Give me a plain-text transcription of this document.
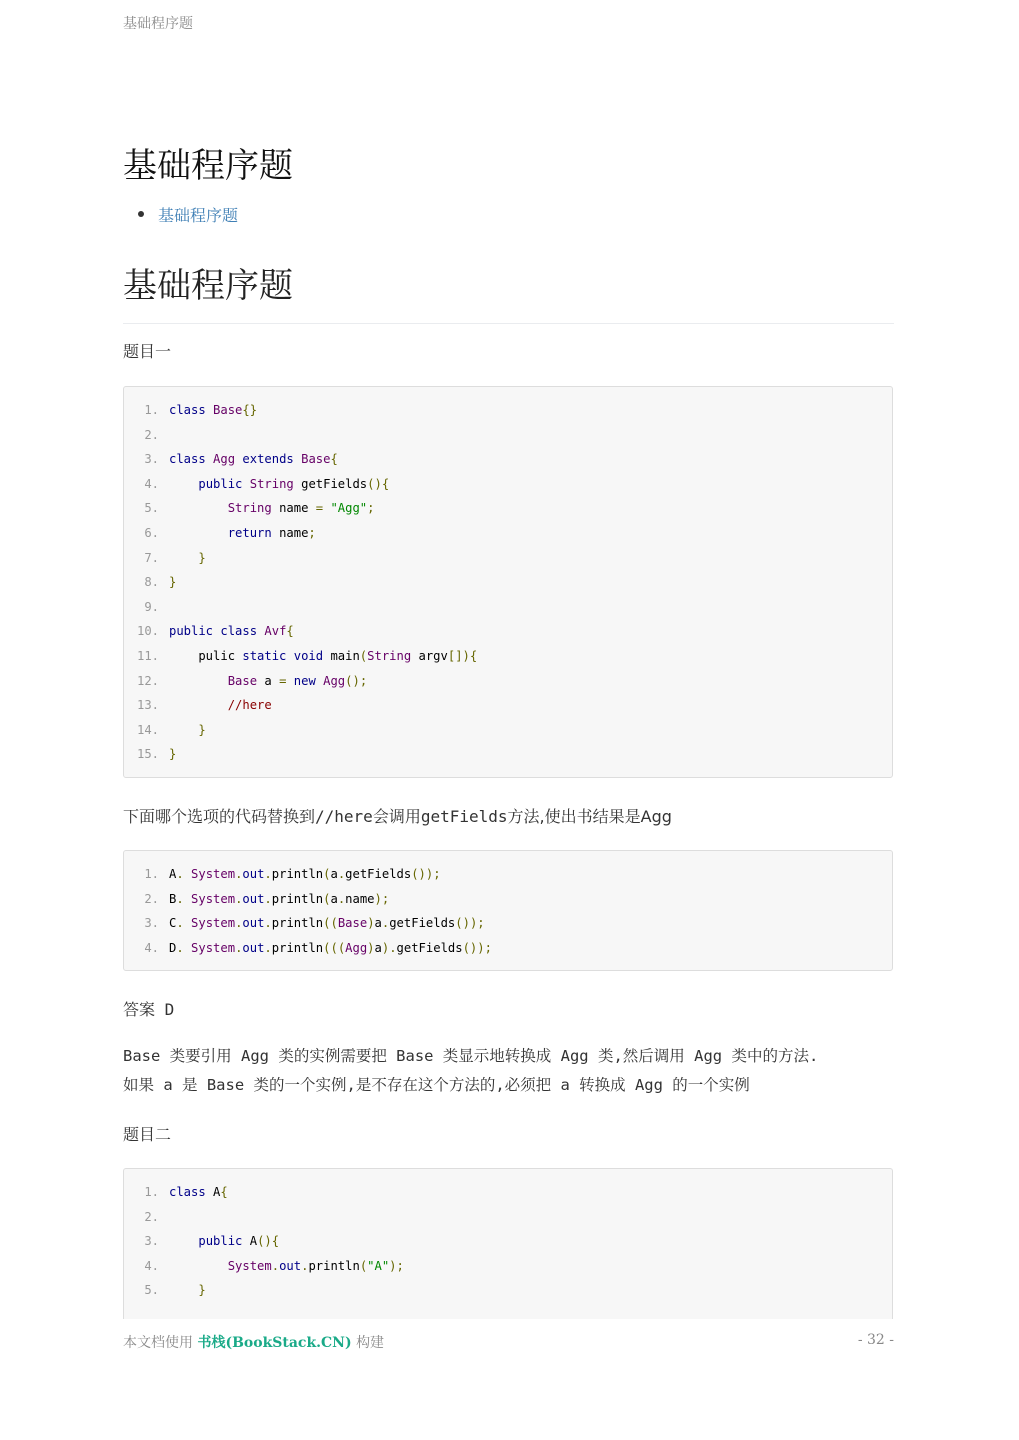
基础程序题
基础程序题
基础程序题
基础程序题

题目一

1. class Base{}
2.
3. class Agg extends Base{
4.	public String getFields(){
5.	String name = "Agg";
6.	return name;
7.	}
8. }
9.
10. public class Avf{
11.    pulic static void main(String argv[]){
12.	Base a = new Agg();
13.	//here
14.	}
15. }

下面哪个选项的代码替换到//here会调用getFields方法,使出书结果是Agg

1. A. System.out.println(a.getFields());
2. B. System.out.println(a.name);
3. C. System.out.println((Base)a.getFields());
4. D. System.out.println(((Agg)a).getFields());

答案 D

Base 类要引用 Agg 类的实例需要把 Base 类显示地转换成 Agg 类,然后调用 Agg 类中的方法.
如果 a 是 Base 类的一个实例,是不存在这个方法的,必须把 a 转换成 Agg 的一个实例

题目二

1. class A{
2.
3.	public A(){
4.	System.out.println("A");
5.	}
本文档使用 书栈(BookStack.CN) 构建	- 32 -
